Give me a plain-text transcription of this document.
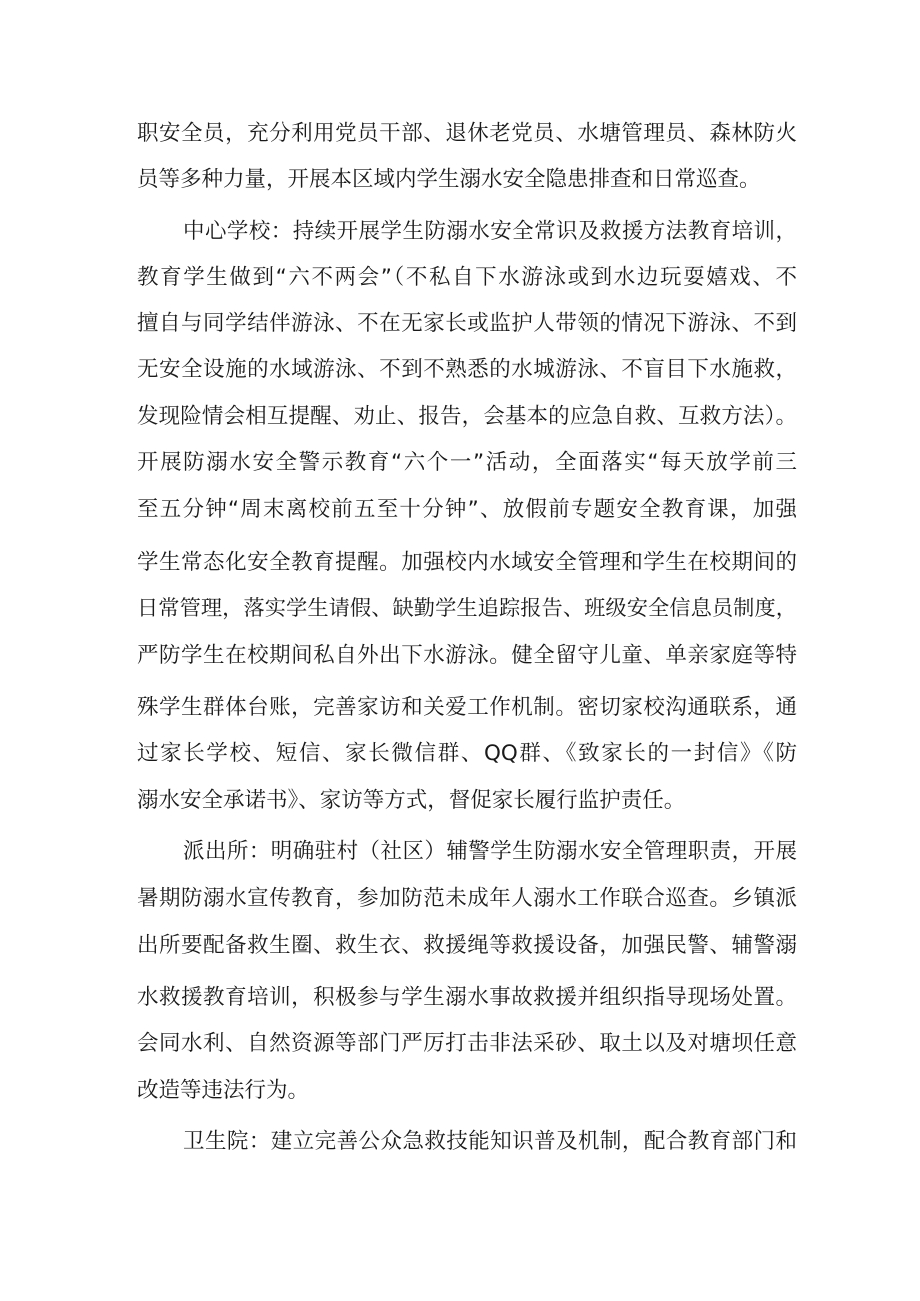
职安全员，充分利用党员干部、退休老党员、水塘管理员、森林防火
员等多种力量，开展本区域内学生溺水安全隐患排查和日常巡查。
中心学校：持续开展学生防溺水安全常识及救援方法教育培训，
教育学生做到“六不两会”（不私自下水游泳或到水边玩耍嬉戏、不
擅自与同学结伴游泳、不在无家长或监护人带领的情况下游泳、不到
无安全设施的水域游泳、不到不熟悉的水城游泳、不盲目下水施救，
发现险情会相互提醒、劝止、报告，会基本的应急自救、互救方法）。
开展防溺水安全警示教育“六个一”活动，全面落实“每天放学前三
至五分钟“周末离校前五至十分钟”、放假前专题安全教育课，加强
学生常态化安全教育提醒。加强校内水域安全管理和学生在校期间的
日常管理，落实学生请假、缺勤学生追踪报告、班级安全信息员制度，
严防学生在校期间私自外出下水游泳。健全留守儿童、单亲家庭等特
殊学生群体台账，完善家访和关爱工作机制。密切家校沟通联系，通
过家长学校、短信、家长微信群、QQ群、《致家长的一封信》《防
溺水安全承诺书》、家访等方式，督促家长履行监护责任。
派出所：明确驻村（社区）辅警学生防溺水安全管理职责，开展
暑期防溺水宣传教育，参加防范未成年人溺水工作联合巡查。乡镇派
出所要配备救生圈、救生衣、救援绳等救援设备，加强民警、辅警溺
水救援教育培训，积极参与学生溺水事故救援并组织指导现场处置。
会同水利、自然资源等部门严厉打击非法采砂、取土以及对塘坝任意
改造等违法行为。
卫生院：建立完善公众急救技能知识普及机制，配合教育部门和
